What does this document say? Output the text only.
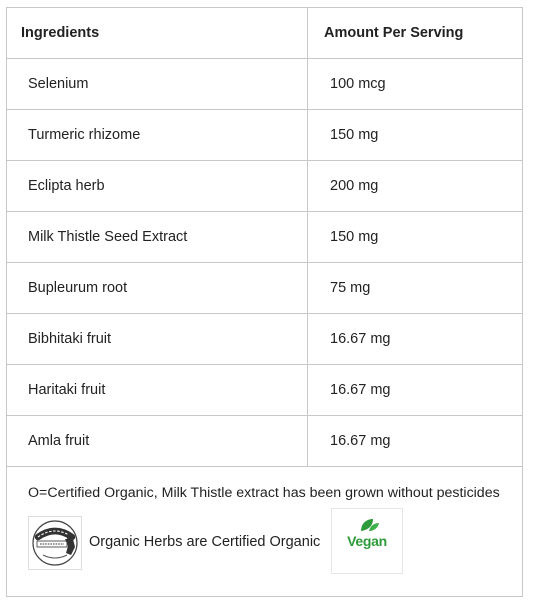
Ingredients	Amount Per Serving
Selenium	100 mcg
Turmeric rhizome	150 mg
Eclipta herb	200 mg
Milk Thistle Seed Extract	150 mg
Bupleurum root	75 mg
Bibhitaki fruit	16.67 mg
Haritaki fruit	16.67 mg
Amla fruit	16.67 mg
O=Certified Organic, Milk Thistle extract has been grown without pesticides
Organic Herbs are Certified Organic	Vegan
